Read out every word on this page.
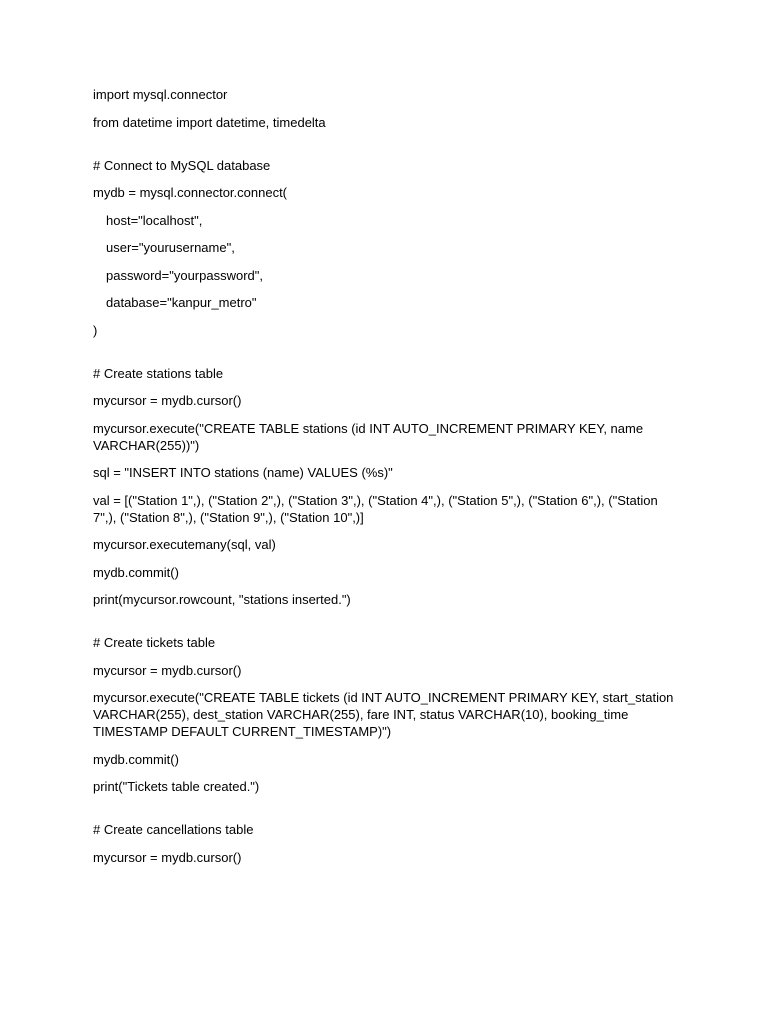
import mysql.connector

from datetime import datetime, timedelta

# Connect to MySQL database

mydb = mysql.connector.connect(

host="localhost",

user="yourusername",

password="yourpassword",

database="kanpur_metro"

)

# Create stations table

mycursor = mydb.cursor()

mycursor.execute("CREATE TABLE stations (id INT AUTO_INCREMENT PRIMARY KEY, name VARCHAR(255))")

sql = "INSERT INTO stations (name) VALUES (%s)"

val = [("Station 1",), ("Station 2",), ("Station 3",), ("Station 4",), ("Station 5",), ("Station 6",), ("Station 7",), ("Station 8",), ("Station 9",), ("Station 10",)]

mycursor.executemany(sql, val)

mydb.commit()

print(mycursor.rowcount, "stations inserted.")

# Create tickets table

mycursor = mydb.cursor()

mycursor.execute("CREATE TABLE tickets (id INT AUTO_INCREMENT PRIMARY KEY, start_station VARCHAR(255), dest_station VARCHAR(255), fare INT, status VARCHAR(10), booking_time TIMESTAMP DEFAULT CURRENT_TIMESTAMP)")

mydb.commit()

print("Tickets table created.")

# Create cancellations table

mycursor = mydb.cursor()
